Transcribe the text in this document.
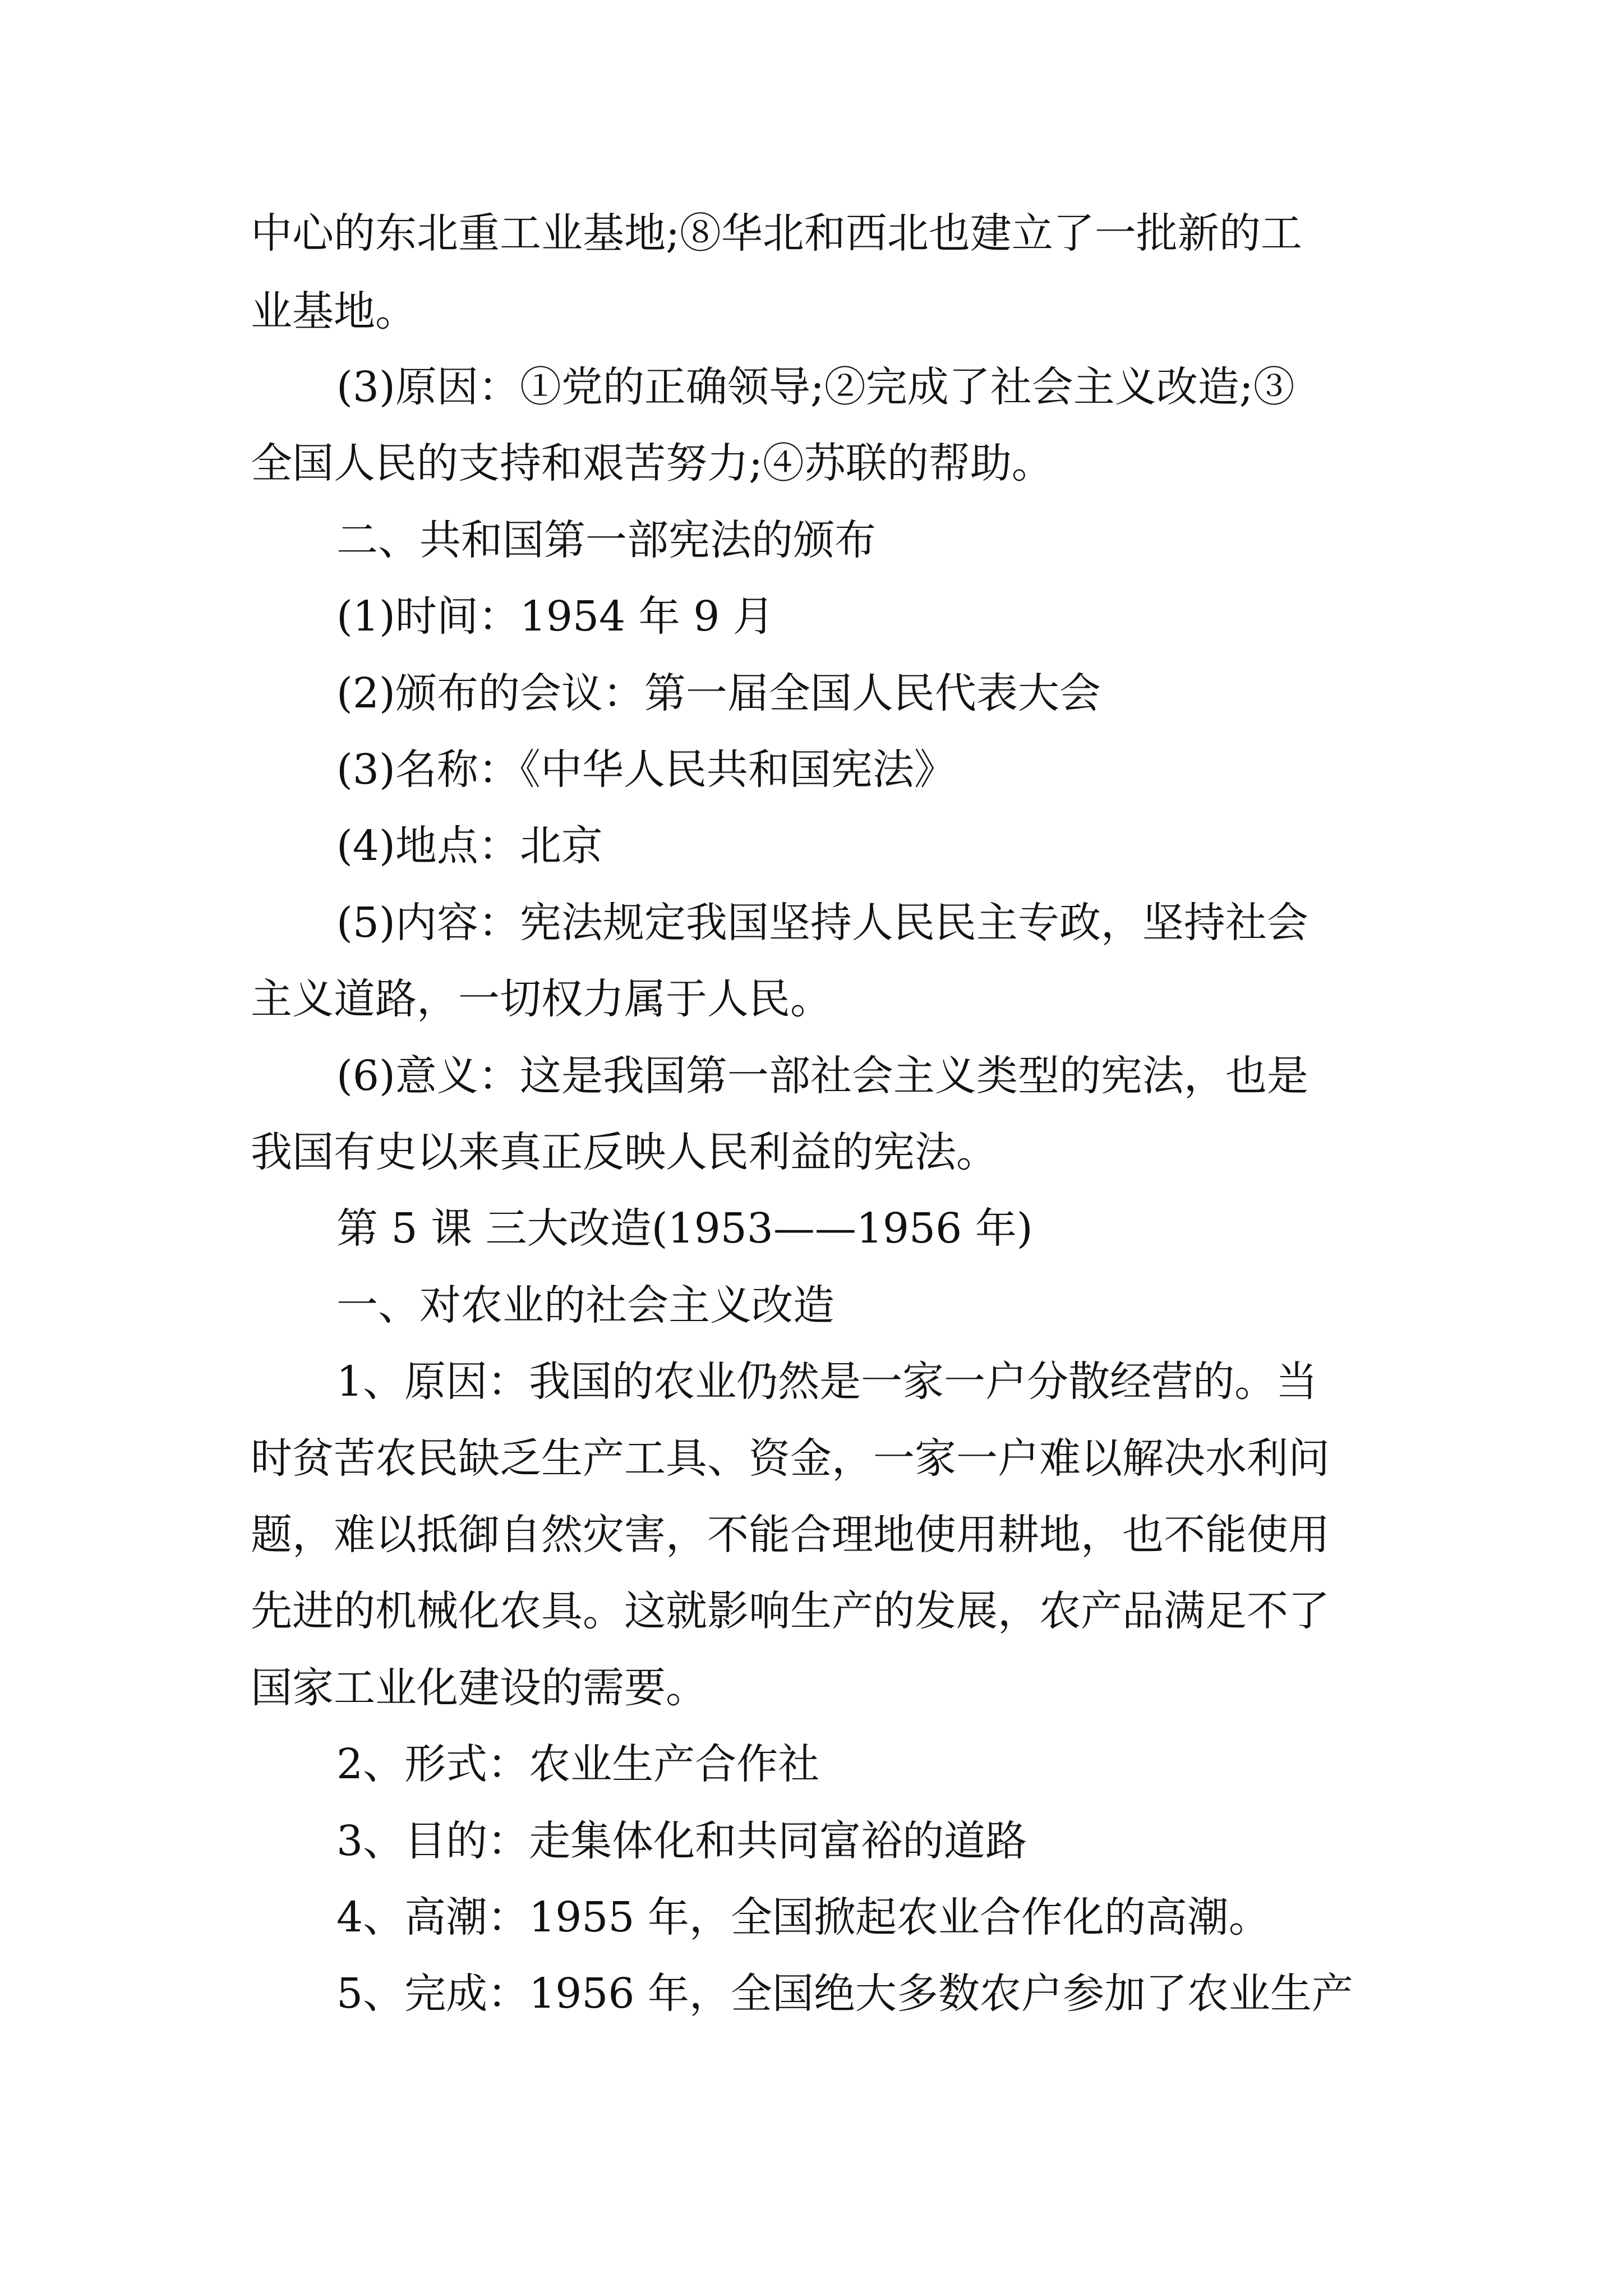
中心的东北重工业基地;⑧华北和西北也建立了一批新的工
业基地。
(3)原因：①党的正确领导;②完成了社会主义改造;③
全国人民的支持和艰苦努力;④苏联的帮助。
二、共和国第一部宪法的颁布
(1)时间：1954 年 9 月
(2)颁布的会议：第一届全国人民代表大会
(3)名称：《中华人民共和国宪法》
(4)地点：北京
(5)内容：宪法规定我国坚持人民民主专政，坚持社会
主义道路，一切权力属于人民。
(6)意义：这是我国第一部社会主义类型的宪法，也是
我国有史以来真正反映人民利益的宪法。
第 5 课 三大改造(1953——1956 年)
一、对农业的社会主义改造
1、原因：我国的农业仍然是一家一户分散经营的。当
时贫苦农民缺乏生产工具、资金，一家一户难以解决水利问
题，难以抵御自然灾害，不能合理地使用耕地，也不能使用
先进的机械化农具。这就影响生产的发展，农产品满足不了
国家工业化建设的需要。
2、形式：农业生产合作社
3、目的：走集体化和共同富裕的道路
4、高潮：1955 年，全国掀起农业合作化的高潮。
5、完成：1956 年，全国绝大多数农户参加了农业生产
